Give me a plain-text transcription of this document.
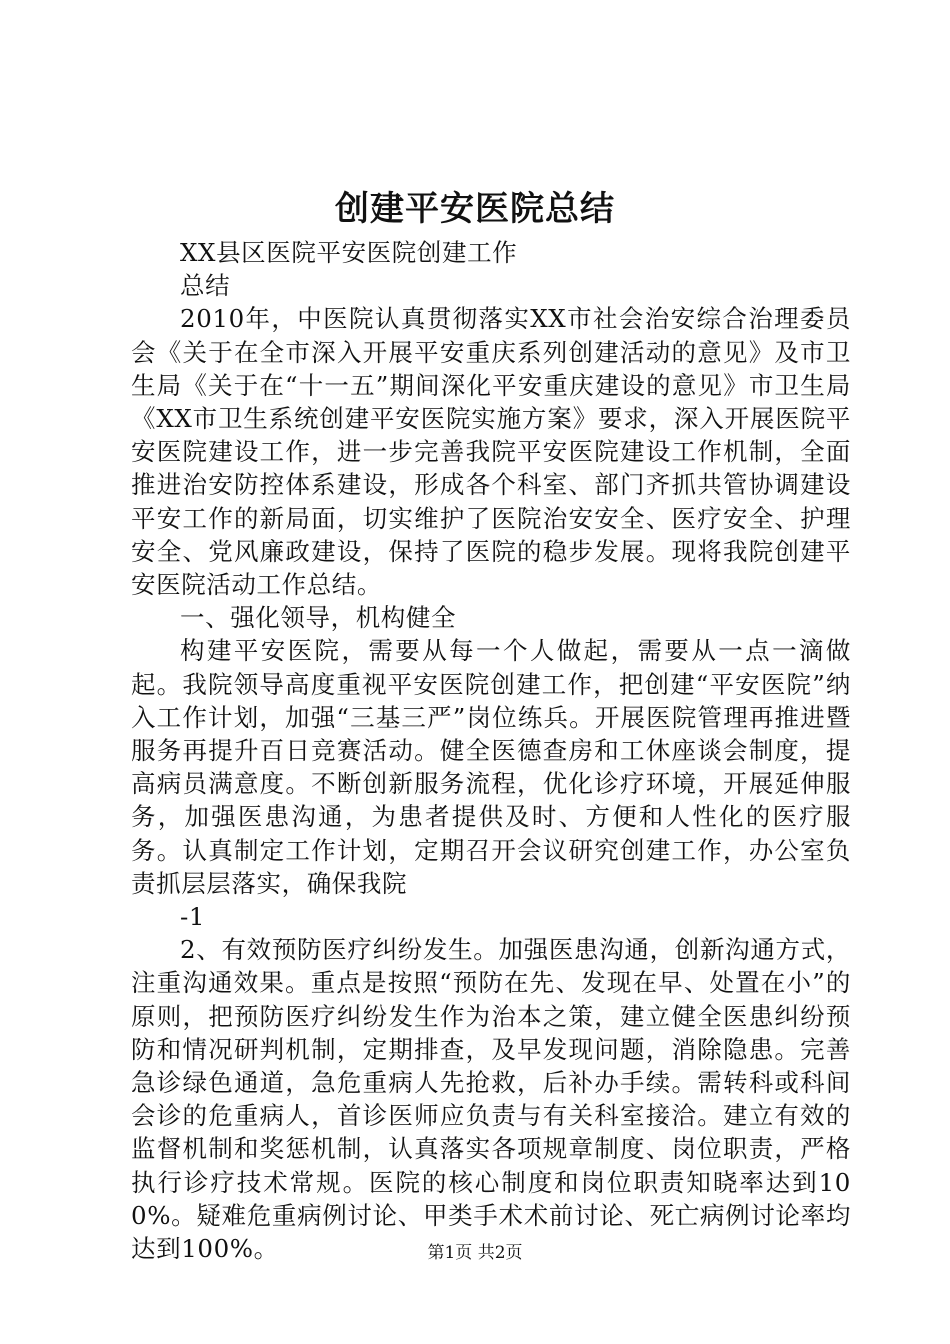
创建平安医院总结

XX县区医院平安医院创建工作

总结

2010年，中医院认真贯彻落实XX市社会治安综合治理委员会《关于在全市深入开展平安重庆系列创建活动的意见》及市卫生局《关于在“十一五”期间深化平安重庆建设的意见》市卫生局《XX市卫生系统创建平安医院实施方案》要求，深入开展医院平安医院建设工作，进一步完善我院平安医院建设工作机制，全面推进治安防控体系建设，形成各个科室、部门齐抓共管协调建设平安工作的新局面，切实维护了医院治安安全、医疗安全、护理安全、党风廉政建设，保持了医院的稳步发展。现将我院创建平安医院活动工作总结。

一、强化领导，机构健全

构建平安医院，需要从每一个人做起，需要从一点一滴做起。我院领导高度重视平安医院创建工作，把创建“平安医院”纳入工作计划，加强“三基三严”岗位练兵。开展医院管理再推进暨服务再提升百日竞赛活动。健全医德查房和工休座谈会制度，提高病员满意度。不断创新服务流程，优化诊疗环境，开展延伸服务，加强医患沟通，为患者提供及时、方便和人性化的医疗服务。认真制定工作计划，定期召开会议研究创建工作，办公室负责抓层层落实，确保我院

-1

2、有效预防医疗纠纷发生。加强医患沟通，创新沟通方式，注重沟通效果。重点是按照“预防在先、发现在早、处置在小”的原则，把预防医疗纠纷发生作为治本之策，建立健全医患纠纷预防和情况研判机制，定期排查，及早发现问题，消除隐患。完善急诊绿色通道，急危重病人先抢救，后补办手续。需转科或科间会诊的危重病人，首诊医师应负责与有关科室接洽。建立有效的监督机制和奖惩机制，认真落实各项规章制度、岗位职责，严格执行诊疗技术常规。医院的核心制度和岗位职责知晓率达到100%。疑难危重病例讨论、甲类手术术前讨论、死亡病例讨论率均达到100%。	第1页 共2页
